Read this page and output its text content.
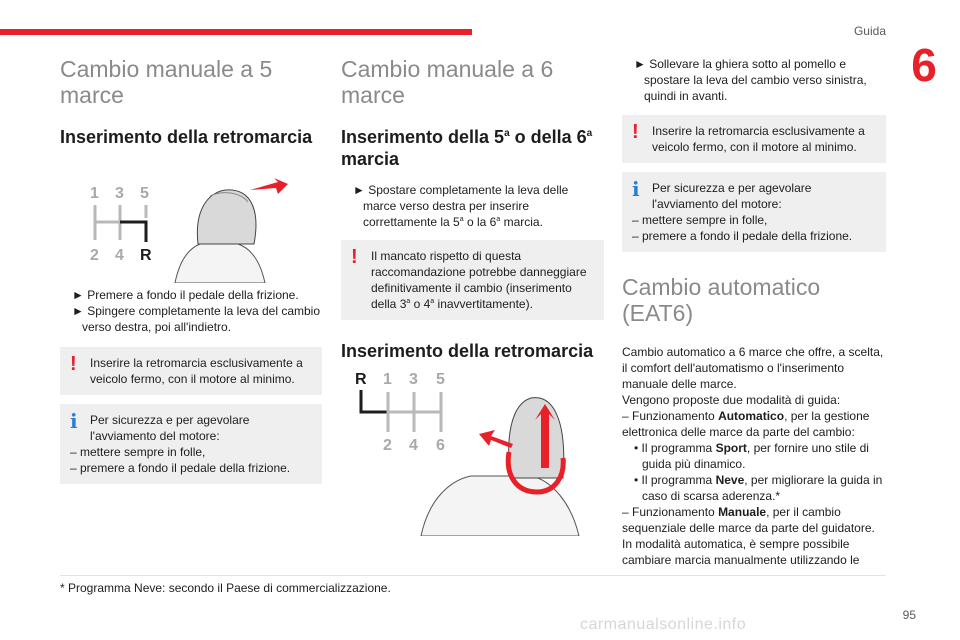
Guida
6
Cambio manuale a 5 marce
Inserimento della retromarcia
1 3 5
2 4 R
► Premere a fondo il pedale della frizione.
► Spingere completamente la leva del cambio verso destra, poi all'indietro.
! Inserire la retromarcia esclusivamente a veicolo fermo, con il motore al minimo.
i Per sicurezza e per agevolare l'avviamento del motore:
– mettere sempre in folle,
– premere a fondo il pedale della frizione.
Cambio manuale a 6 marce
Inserimento della 5$^a$ o della 6$^a$ marcia
► Spostare completamente la leva delle marce verso destra per inserire correttamente la 5$^a$ o la 6$^a$ marcia.
! Il mancato rispetto di questa raccomandazione potrebbe danneggiare definitivamente il cambio (inserimento della 3$^a$ o 4$^a$ inavvertitamente).
Inserimento della retromarcia
R 1 3 5
2 4 6
► Sollevare la ghiera sotto al pomello e spostare la leva del cambio verso sinistra, quindi in avanti.
! Inserire la retromarcia esclusivamente a veicolo fermo, con il motore al minimo.
i Per sicurezza e per agevolare l'avviamento del motore:
– mettere sempre in folle,
– premere a fondo il pedale della frizione.
Cambio automatico (EAT6)
Cambio automatico a 6 marce che offre, a scelta, il comfort dell'automatismo o l'inserimento manuale delle marce.
Vengono proposte due modalità di guida:
– Funzionamento Automatico, per la gestione elettronica delle marce da parte del cambio:
• Il programma Sport, per fornire uno stile di guida più dinamico.
• Il programma Neve, per migliorare la guida in caso di scarsa aderenza.*
– Funzionamento Manuale, per il cambio sequenziale delle marce da parte del guidatore.
In modalità automatica, è sempre possibile cambiare marcia manualmente utilizzando le
* Programma Neve: secondo il Paese di commercializzazione.
95
carmanualsonline.info
